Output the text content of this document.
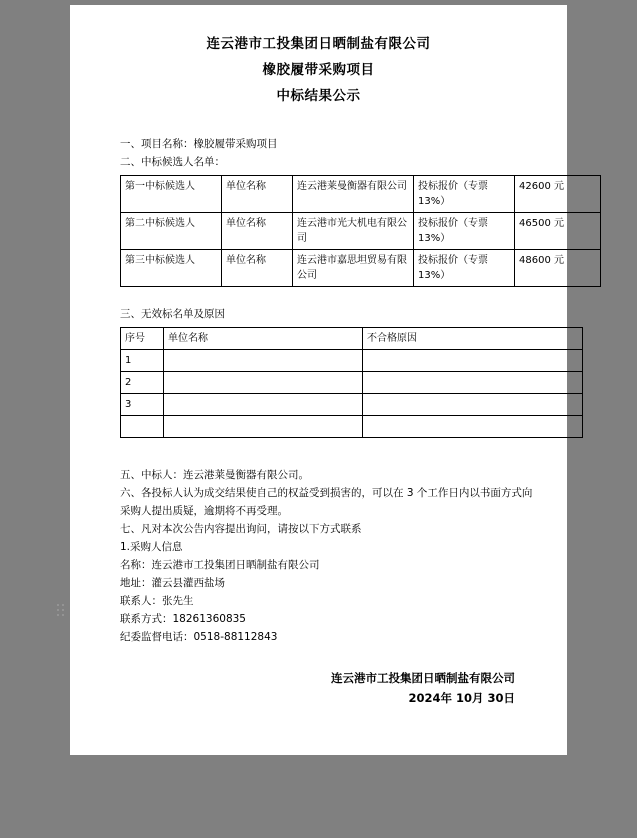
连云港市工投集团日晒制盐有限公司
橡胶履带采购项目
中标结果公示

一、项目名称：橡胶履带采购项目

二、中标候选人名单：

第一中标候选人	单位名称	连云港莱曼衡器有限公司	投标报价（专票13%）	42600 元
第二中标候选人	单位名称	连云港市光大机电有限公司	投标报价（专票13%）	46500 元
第三中标候选人	单位名称	连云港市嘉思坦贸易有限公司	投标报价（专票13%）	48600 元

三、无效标名单及原因

序号	单位名称	不合格原因
1		
2		
3		

五、中标人：连云港莱曼衡器有限公司。

六、各投标人认为成交结果使自己的权益受到损害的，可以在 3 个工作日内以书面方式向采购人提出质疑，逾期将不再受理。

七、凡对本次公告内容提出询问，请按以下方式联系

1.采购人信息

名称：连云港市工投集团日晒制盐有限公司

地址：灌云县灌西盐场

联系人：张先生

联系方式：18261360835

纪委监督电话：0518-88112843

连云港市工投集团日晒制盐有限公司
2024年 10月 30日
